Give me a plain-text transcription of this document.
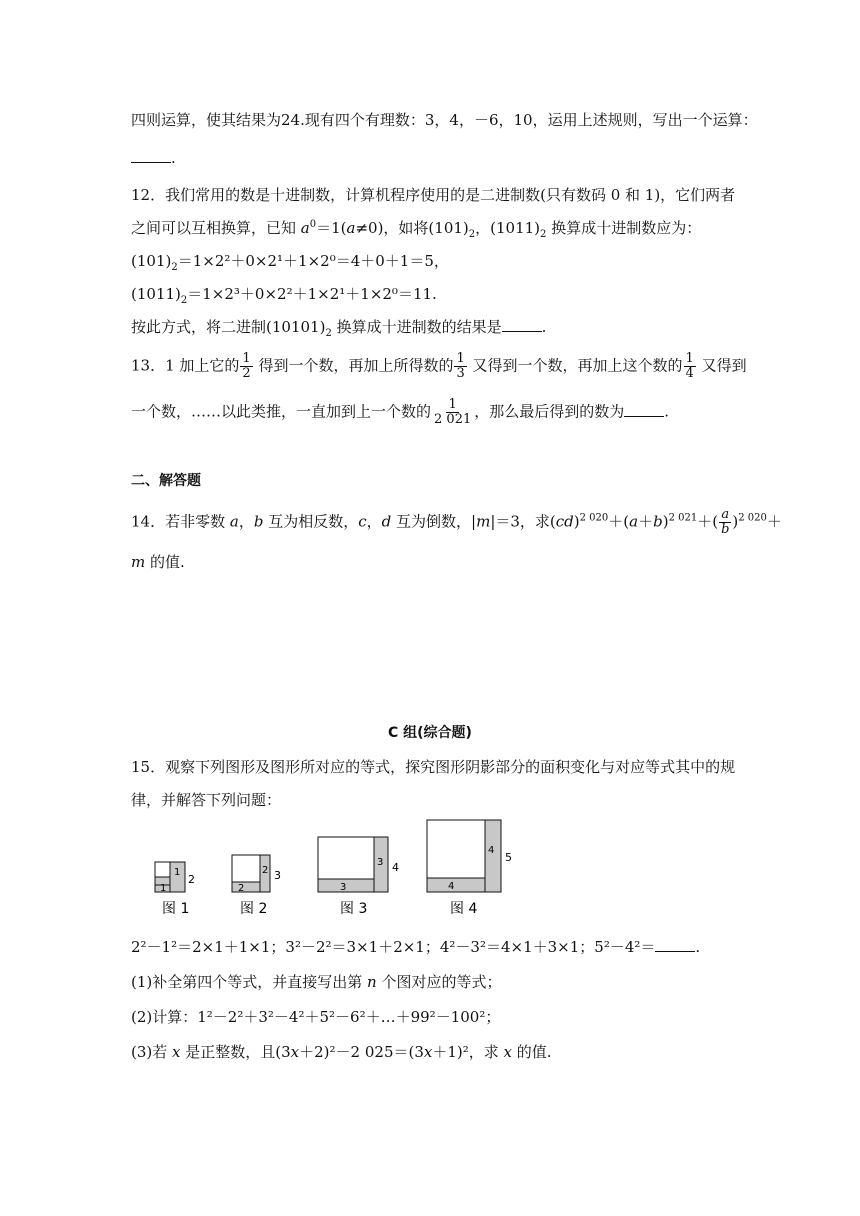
四则运算，使其结果为24.现有四个有理数：3，4，－6，10，运用上述规则，写出一个运算：
.
12．我们常用的数是十进制数，计算机程序使用的是二进制数(只有数码 0 和 1)，它们两者
之间可以互相换算，已知 $a^0=1(a\ne 0)$，如将$(101)_2$，$(1011)_2$ 换算成十进制数应为：
$(101)_2=1\times 2^2+0\times 2^1+1\times 2^0=4+0+1=5$，
$(1011)_2=1\times 2^3+0\times 2^2+1\times 2^1+1\times 2^0=11$.
按此方式，将二进制$(10101)_2$ 换算成十进制数的结果是	.
13．1 加上它的 $\frac{1}{2}$ 得到一个数，再加上所得数的 $\frac{1}{3}$ 又得到一个数，再加上这个数的 $\frac{1}{4}$ 又得到
一个数，……以此类推，一直加到上一个数的 $\frac{1}{2 021}$ ，那么最后得到的数为	.
二、解答题
14．若非零数 a，b 互为相反数，c，d 互为倒数，|m|＝3，求$(cd)^{2 020}+(a+b)^{2 021}+( \frac{a}{b} )^{2 020}+$
m 的值.
C 组(综合题)
15．观察下列图形及图形所对应的等式，探究图形阴影部分的面积变化与对应等式其中的规
律，并解答下列问题：
1
2
1
2 3
2
3 4
3
4
5
4
图 1	图 2	图 3	图 4
2²－1²＝2×1＋1×1；3²－2²＝3×1＋2×1；4²－3²＝4×1＋3×1；5²－4²＝	.
(1)补全第四个等式，并直接写出第 n 个图对应的等式；
(2)计算：1²－2²＋3²－4²＋5²－6²＋…＋99²－100²；
(3)若 x 是正整数，且(3x＋2)²－2 025＝(3x＋1)²，求 x 的值.
